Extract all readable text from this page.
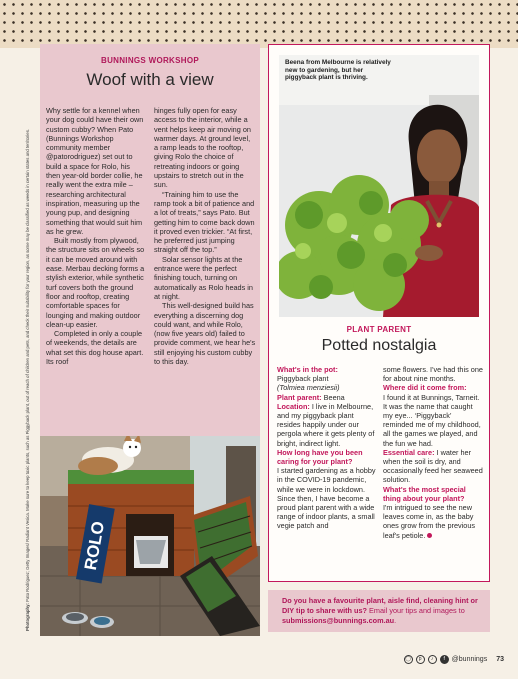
BUNNINGS WORKSHOP
Woof with a view

Why settle for a kennel when your dog could have their own custom cubby? When Pato (Bunnings Workshop community member @patorodriguez) set out to build a space for Rolo, his then year-old border collie, he really went the extra mile – researching architectural inspiration, measuring up the young pup, and designing something that would suit him as he grew.

Built mostly from plywood, the structure sits on wheels so it can be moved around with ease. Merbau decking forms a stylish exterior, while synthetic turf covers both the ground floor and rooftop, creating comfortable spaces for lounging and making outdoor clean-up easier.

Completed in only a couple of weekends, the details are what set this dog house apart. Its roof

hinges fully open for easy access to the interior, while a vent helps keep air moving on warmer days. At ground level, a ramp leads to the rooftop, giving Rolo the choice of retreating indoors or going upstairs to stretch out in the sun.

“Training him to use the ramp took a bit of patience and a lot of treats,” says Pato. But getting him to come back down it proved even trickier. “At first, he preferred just jumping straight off the top.”

Solar sensor lights at the entrance were the perfect finishing touch, turning on automatically as Rolo heads in at night.

This well-designed build has everything a discerning dog could want, and while Rolo, (now five years old) failed to provide comment, we hear he's still enjoying his custom cubby to this day.

Photography: Pato Rodriguez; Getty Images/ Radiant Vesica. Make sure to keep toxic plants, such as Piggyback plant, out of reach of children and pets, and check their suitability for your region, as some may be classified as weeds in certain states and territories.	ROLO
Beena from Melbourne is relatively new to gardening, but her piggyback plant is thriving.
PLANT PARENT
Potted nostalgia
What's in the pot:
Piggyback plant
(Tolmiea menziesii)
Plant parent: Beena
Location: I live in Melbourne, and my piggyback plant resides happily under our pergola where it gets plenty of bright, indirect light.
How long have you been caring for your plant?
I started gardening as a hobby in the COVID-19 pandemic, while we were in lockdown. Since then, I have become a proud plant parent with a wide range of indoor plants, a small vegie patch and
some flowers. I've had this one for about nine months.
Where did it come from:
I found it at Bunnings, Tarneit. It was the name that caught my eye... ‘Piggyback’ reminded me of my childhood, all the games we played, and the fun we had.
Essential care: I water her when the soil is dry, and occasionally feed her seaweed solution.
What's the most special thing about your plant?
I'm intrigued to see the new leaves come in, as the baby ones grow from the previous leaf's petiole.
Do you have a favourite plant, aisle find, cleaning hint or DIY tip to share with us? Email your tips and images to submissions@bunnings.com.au.
◯	p	♪	f @bunnings 73
